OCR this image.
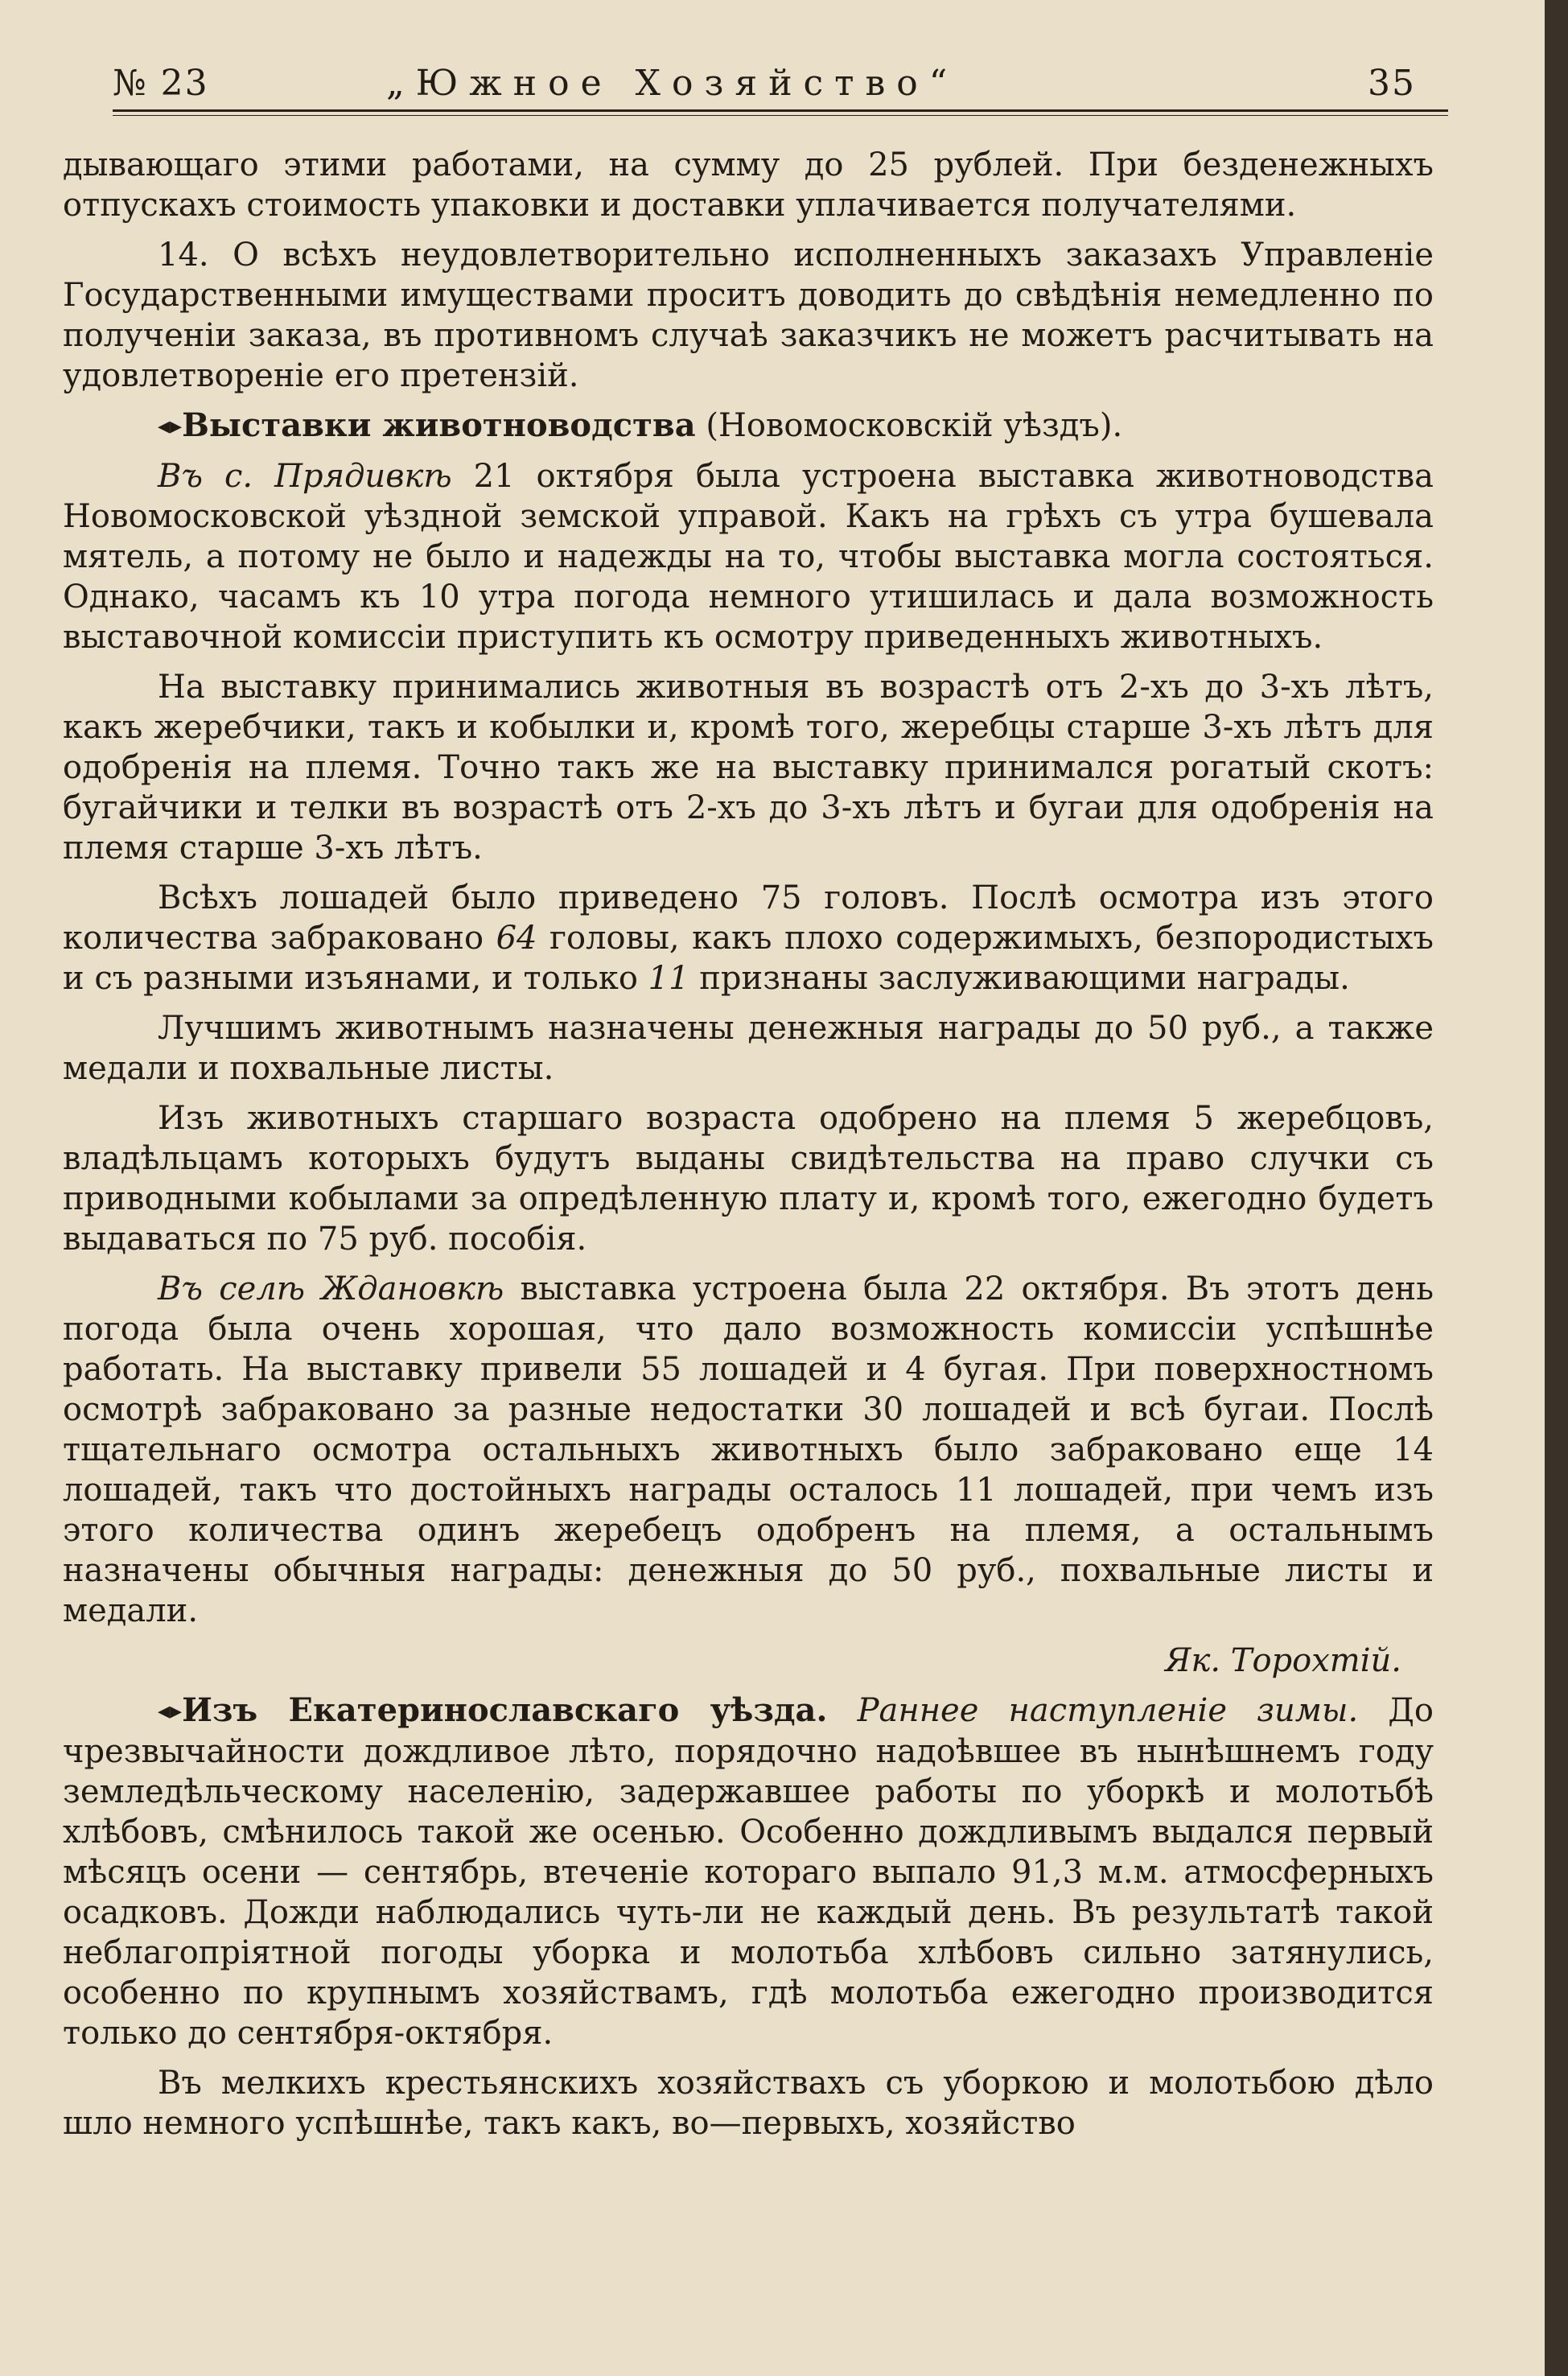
№ 23	„Южное Хозяйство“	35

дывающаго этими работами, на сумму до 25 рублей. При безденежныхъ отпускахъ стоимость упаковки и доставки уплачивается получателями.

14. О всѣхъ неудовлетворительно исполненныхъ заказахъ Управленіе Государственными имуществами проситъ доводить до свѣдѣнія немедленно по полученіи заказа, въ противномъ случаѣ заказчикъ не можетъ расчитывать на удовлетвореніе его претензій.

◂▸Выставки животноводства (Новомосковскій уѣздъ).

Въ с. Прядивкѣ 21 октября была устроена выставка животноводства Новомосковской уѣздной земской управой. Какъ на грѣхъ съ утра бушевала мятель, а потому не было и надежды на то, чтобы выставка могла состояться. Однако, часамъ къ 10 утра погода немного утишилась и дала возможность выставочной комиссіи приступить къ осмотру приведенныхъ животныхъ.

На выставку принимались животныя въ возрастѣ отъ 2-хъ до 3-хъ лѣтъ, какъ жеребчики, такъ и кобылки и, кромѣ того, жеребцы старше 3-хъ лѣтъ для одобренія на племя. Точно такъ же на выставку принимался рогатый скотъ: бугайчики и телки въ возрастѣ отъ 2-хъ до 3-хъ лѣтъ и бугаи для одобренія на племя старше 3-хъ лѣтъ.

Всѣхъ лошадей было приведено 75 головъ. Послѣ осмотра изъ этого количества забраковано 64 головы, какъ плохо содержимыхъ, безпородистыхъ и съ разными изъянами, и только 11 признаны заслуживающими награды.

Лучшимъ животнымъ назначены денежныя награды до 50 руб., а также медали и похвальные листы.

Изъ животныхъ старшаго возраста одобрено на племя 5 жеребцовъ, владѣльцамъ которыхъ будутъ выданы свидѣтельства на право случки съ приводными кобылами за опредѣленную плату и, кромѣ того, ежегодно будетъ выдаваться по 75 руб. пособія.

Въ селѣ Ждановкѣ выставка устроена была 22 октября. Въ этотъ день погода была очень хорошая, что дало возможность комиссіи успѣшнѣе работать. На выставку привели 55 лошадей и 4 бугая. При поверхностномъ осмотрѣ забраковано за разные недостатки 30 лошадей и всѣ бугаи. Послѣ тщательнаго осмотра остальныхъ животныхъ было забраковано еще 14 лошадей, такъ что достойныхъ награды осталось 11 лошадей, при чемъ изъ этого количества одинъ жеребецъ одобренъ на племя, а остальнымъ назначены обычныя награды: денежныя до 50 руб., похвальные листы и медали.

Як. Торохтій.

◂▸Изъ Екатеринославскаго уѣзда. Раннее наступленіе зимы. До чрезвычайности дождливое лѣто, порядочно надоѣвшее въ нынѣшнемъ году земледѣльческому населенію, задержавшее работы по уборкѣ и молотьбѣ хлѣбовъ, смѣнилось такой же осенью. Особенно дождливымъ выдался первый мѣсяцъ осени — сентябрь, втеченіе котораго выпало 91,3 м.м. атмосферныхъ осадковъ. Дожди наблюдались чуть-ли не каждый день. Въ результатѣ такой неблагопріятной погоды уборка и молотьба хлѣбовъ сильно затянулись, особенно по крупнымъ хозяйствамъ, гдѣ молотьба ежегодно производится только до сентября-октября.

Въ мелкихъ крестьянскихъ хозяйствахъ съ уборкою и молотьбою дѣло шло немного успѣшнѣе, такъ какъ, во—первыхъ, хозяйство
